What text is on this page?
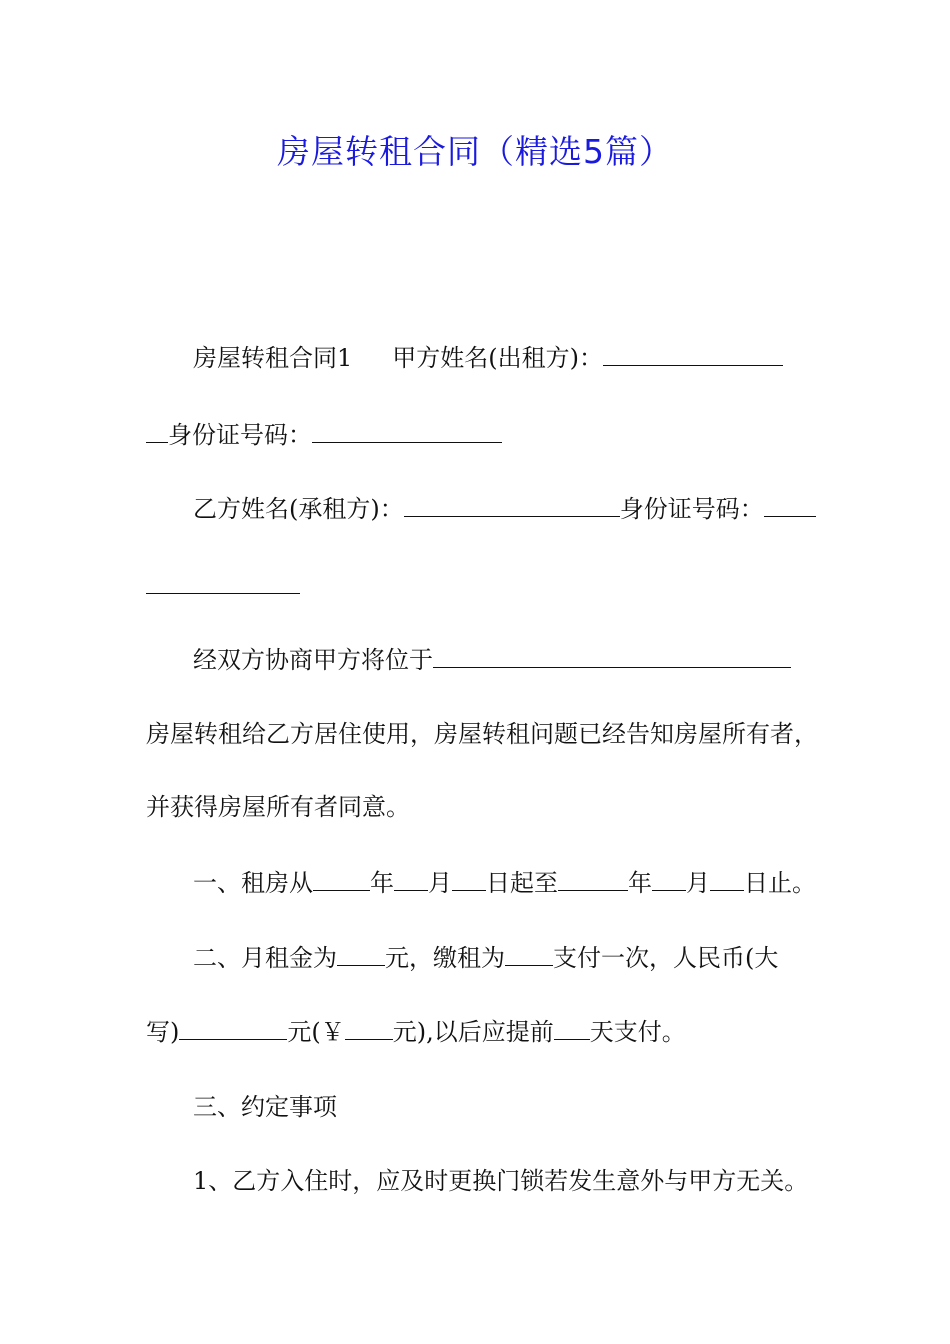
房屋转租合同（精选5篇）
房屋转租合同1 甲方姓名(出租方)：
身份证号码：
乙方姓名(承租方)：	身份证号码：
经双方协商甲方将位于
房屋转租给乙方居住使用，房屋转租问题已经告知房屋所有者，
并获得房屋所有者同意。
一、租房从 年 月 日起至	年 月 日止。
二、月租金为 元，缴租为 支付一次，人民币(大
写)	元(￥ 元),以后应提前 天支付。
三、约定事项
1、乙方入住时，应及时更换门锁若发生意外与甲方无关。
